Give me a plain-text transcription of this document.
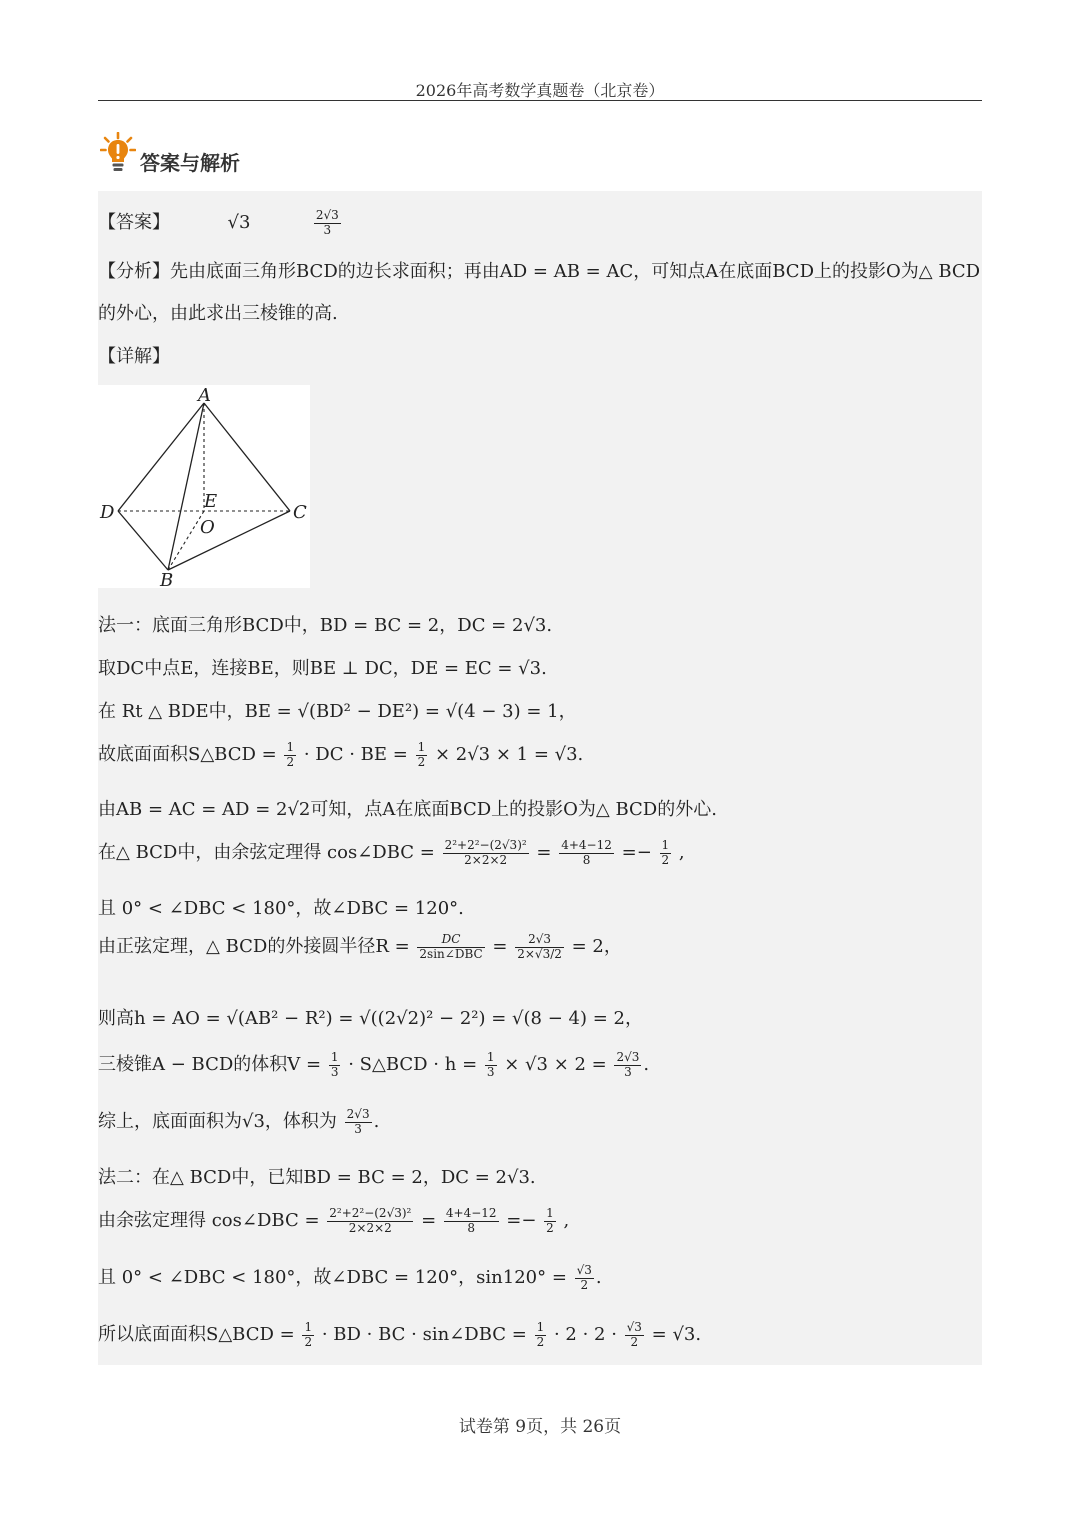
2026年高考数学真题卷（北京卷）
答案与解析
【答案】	√3	$\frac{2√3}{3}$
【分析】先由底面三角形BCD的边长求面积；再由AD = AB = AC，可知点A在底面BCD上的投影O为△ BCD
的外心，由此求出三棱锥的高.
【详解】
A
D	C
B
E
O
法一：底面三角形BCD中，BD = BC = 2，DC = 2√3.
取DC中点E，连接BE，则BE ⊥ DC，DE = EC = √3.
在 Rt △ BDE中，BE = √(BD² − DE²) = √(4 − 3) = 1，
故底面面积S△BCD = $\frac{1}{2}$ · DC · BE = $\frac{1}{2} \times 2√3 \times 1 = √3$.
由AB = AC = AD = 2√2可知，点A在底面BCD上的投影O为△ BCD的外心.
在△ BCD中，由余弦定理得 cos∠DBC = $\frac{\text{2²+2²−(2√3)²}}{2\times 2\times 2} = \frac{4+4-12}{8} =- \frac{1}{2}$ ,
且 0° < ∠DBC < 180°，故∠DBC = 120°.
由正弦定理，△ BCD的外接圆半径$R = \frac{DC}{\text{2sin∠DBC}} = \frac{2√3}{2\times√3/2} = 2$，
则高h = AO = √(AB² − R²) = √((2√2)² − 2²) = √(8 − 4) = 2，
三棱锥A − BCD的体积$V = \frac{1}{3}$ · S△BCD · $h = \frac{1}{3} \times √3 \times 2 = \frac{2√3}{3}$ .
综上，底面面积为√3，体积为 $\frac{2√3}{3}$ .
法二：在△ BCD中，已知BD = BC = 2，DC = 2√3.
由余弦定理得 cos∠DBC = $\frac{\text{2²+2²−(2√3)²}}{2\times 2\times 2} = \frac{4+4-12}{8} =- \frac{1}{2}$ ,
且 0° < ∠DBC < 180°，故∠DBC = 120°，$\sin 120^\circ = \frac{√3}{2}$ .
所以底面面积S△BCD = $\frac{1}{2}$ · BD · BC · sin∠DBC = $\frac{1}{2} \cdot 2 \cdot 2 \cdot \frac{√3}{2} = √3$.
试卷第 9页，共 26页
